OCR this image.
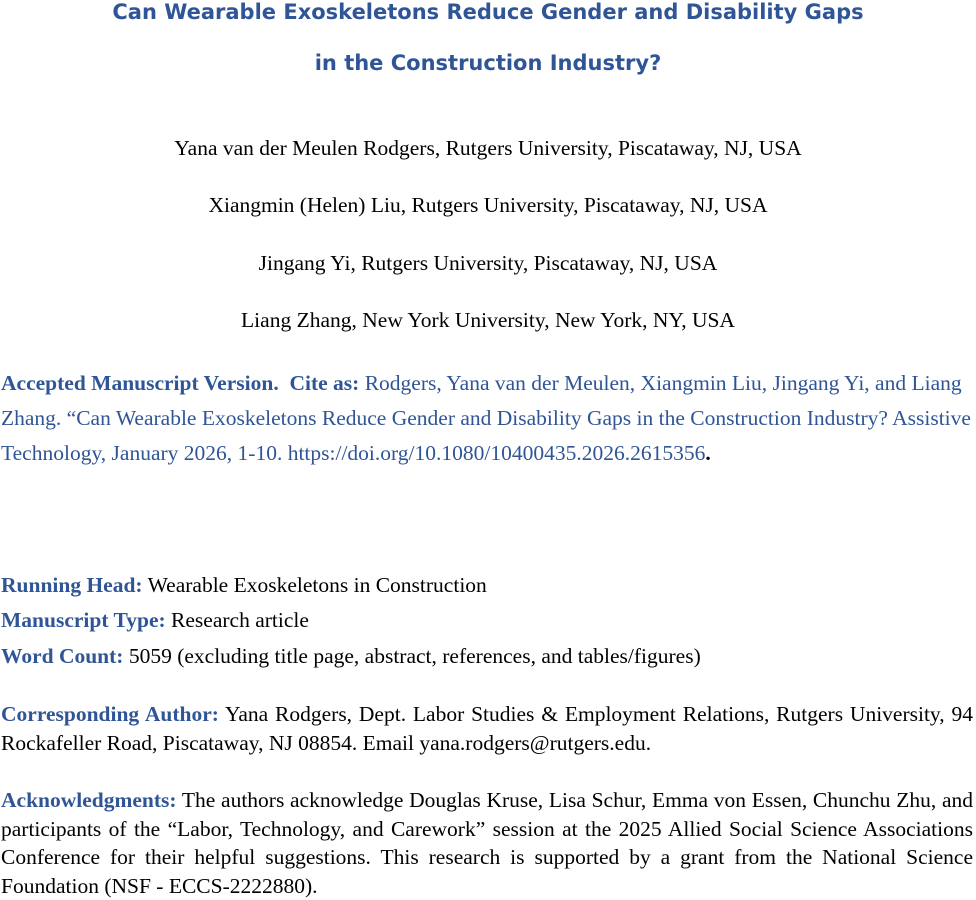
Can Wearable Exoskeletons Reduce Gender and Disability Gaps
in the Construction Industry?
Yana van der Meulen Rodgers, Rutgers University, Piscataway, NJ, USA
Xiangmin (Helen) Liu, Rutgers University, Piscataway, NJ, USA
Jingang Yi, Rutgers University, Piscataway, NJ, USA
Liang Zhang, New York University, New York, NY, USA
Accepted Manuscript Version. Cite as: Rodgers, Yana van der Meulen, Xiangmin Liu, Jingang Yi, and Liang Zhang. “Can Wearable Exoskeletons Reduce Gender and Disability Gaps in the Construction Industry? Assistive Technology, January 2026, 1-10. https://doi.org/10.1080/10400435.2026.2615356.
Running Head: Wearable Exoskeletons in Construction
Manuscript Type: Research article
Word Count: 5059 (excluding title page, abstract, references, and tables/figures)
Corresponding Author: Yana Rodgers, Dept. Labor Studies & Employment Relations, Rutgers University, 94 Rockafeller Road, Piscataway, NJ 08854. Email yana.rodgers@rutgers.edu.
Acknowledgments: The authors acknowledge Douglas Kruse, Lisa Schur, Emma von Essen, Chunchu Zhu, and participants of the “Labor, Technology, and Carework” session at the 2025 Allied Social Science Associations Conference for their helpful suggestions. This research is supported by a grant from the National Science Foundation (NSF - ECCS-2222880).
